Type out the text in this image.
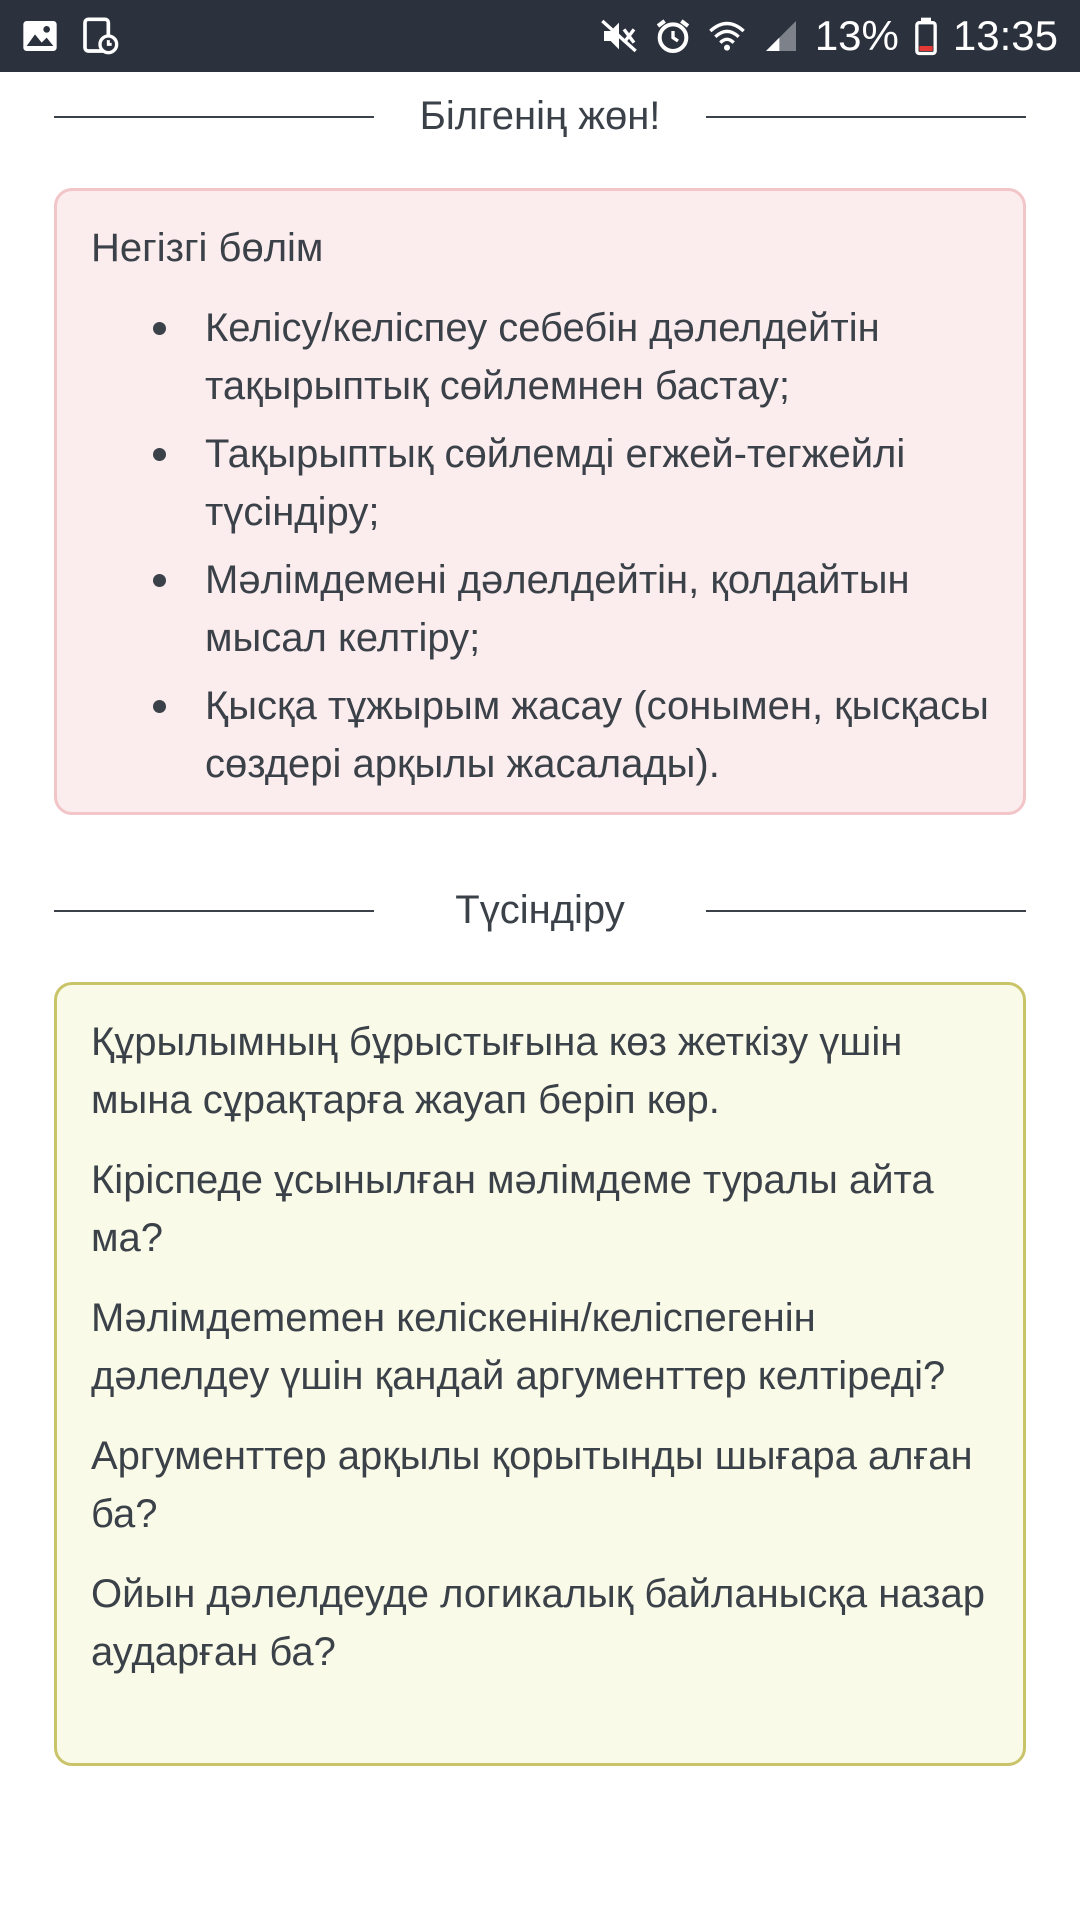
13% 13:35
Білгенің жөн!
Негізгі бөлім
Келісу/келіспеу себебін дәлелдейтін тақырыптық сөйлемнен бастау;
Тақырыптық сөйлемді егжей-тегжейлі түсіндіру;
Мәлімдемені дәлелдейтін, қолдайтын мысал келтіру;
Қысқа тұжырым жасау (сонымен, қысқасы сөздері арқылы жасалады).
Түсіндіру

Құрылымның бұрыстығына көз жеткізу үшін мына сұрақтарға жауап беріп көр.

Кіріспеде ұсынылған мәлімдеме туралы айта ма?

Мәлімдememен келіскенін/келіспегенін дәлелдеу үшін қандай аргументтер келтіреді?

Аргументтер арқылы қорытынды шығара алған ба?

Ойын дәлелдеуде логикалық байланысқа назар аударған ба?
